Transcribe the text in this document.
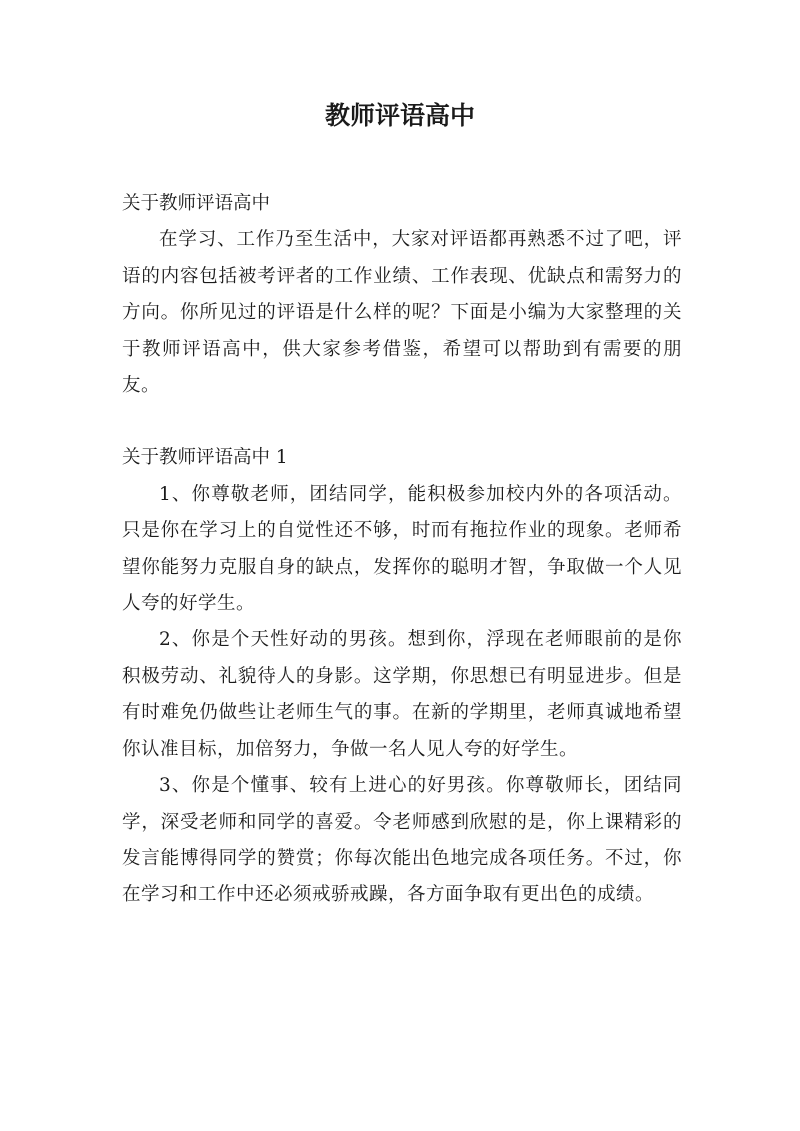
教师评语高中

关于教师评语高中

在学习、工作乃至生活中，大家对评语都再熟悉不过了吧，评语的内容包括被考评者的工作业绩、工作表现、优缺点和需努力的方向。你所见过的评语是什么样的呢？下面是小编为大家整理的关于教师评语高中，供大家参考借鉴，希望可以帮助到有需要的朋友。

关于教师评语高中 1

1、你尊敬老师，团结同学，能积极参加校内外的各项活动。只是你在学习上的自觉性还不够，时而有拖拉作业的现象。老师希望你能努力克服自身的缺点，发挥你的聪明才智，争取做一个人见人夸的好学生。

2、你是个天性好动的男孩。想到你，浮现在老师眼前的是你积极劳动、礼貌待人的身影。这学期，你思想已有明显进步。但是有时难免仍做些让老师生气的事。在新的学期里，老师真诚地希望你认准目标，加倍努力，争做一名人见人夸的好学生。

3、你是个懂事、较有上进心的好男孩。你尊敬师长，团结同学，深受老师和同学的喜爱。令老师感到欣慰的是，你上课精彩的发言能博得同学的赞赏；你每次能出色地完成各项任务。不过，你在学习和工作中还必须戒骄戒躁，各方面争取有更出色的成绩。
